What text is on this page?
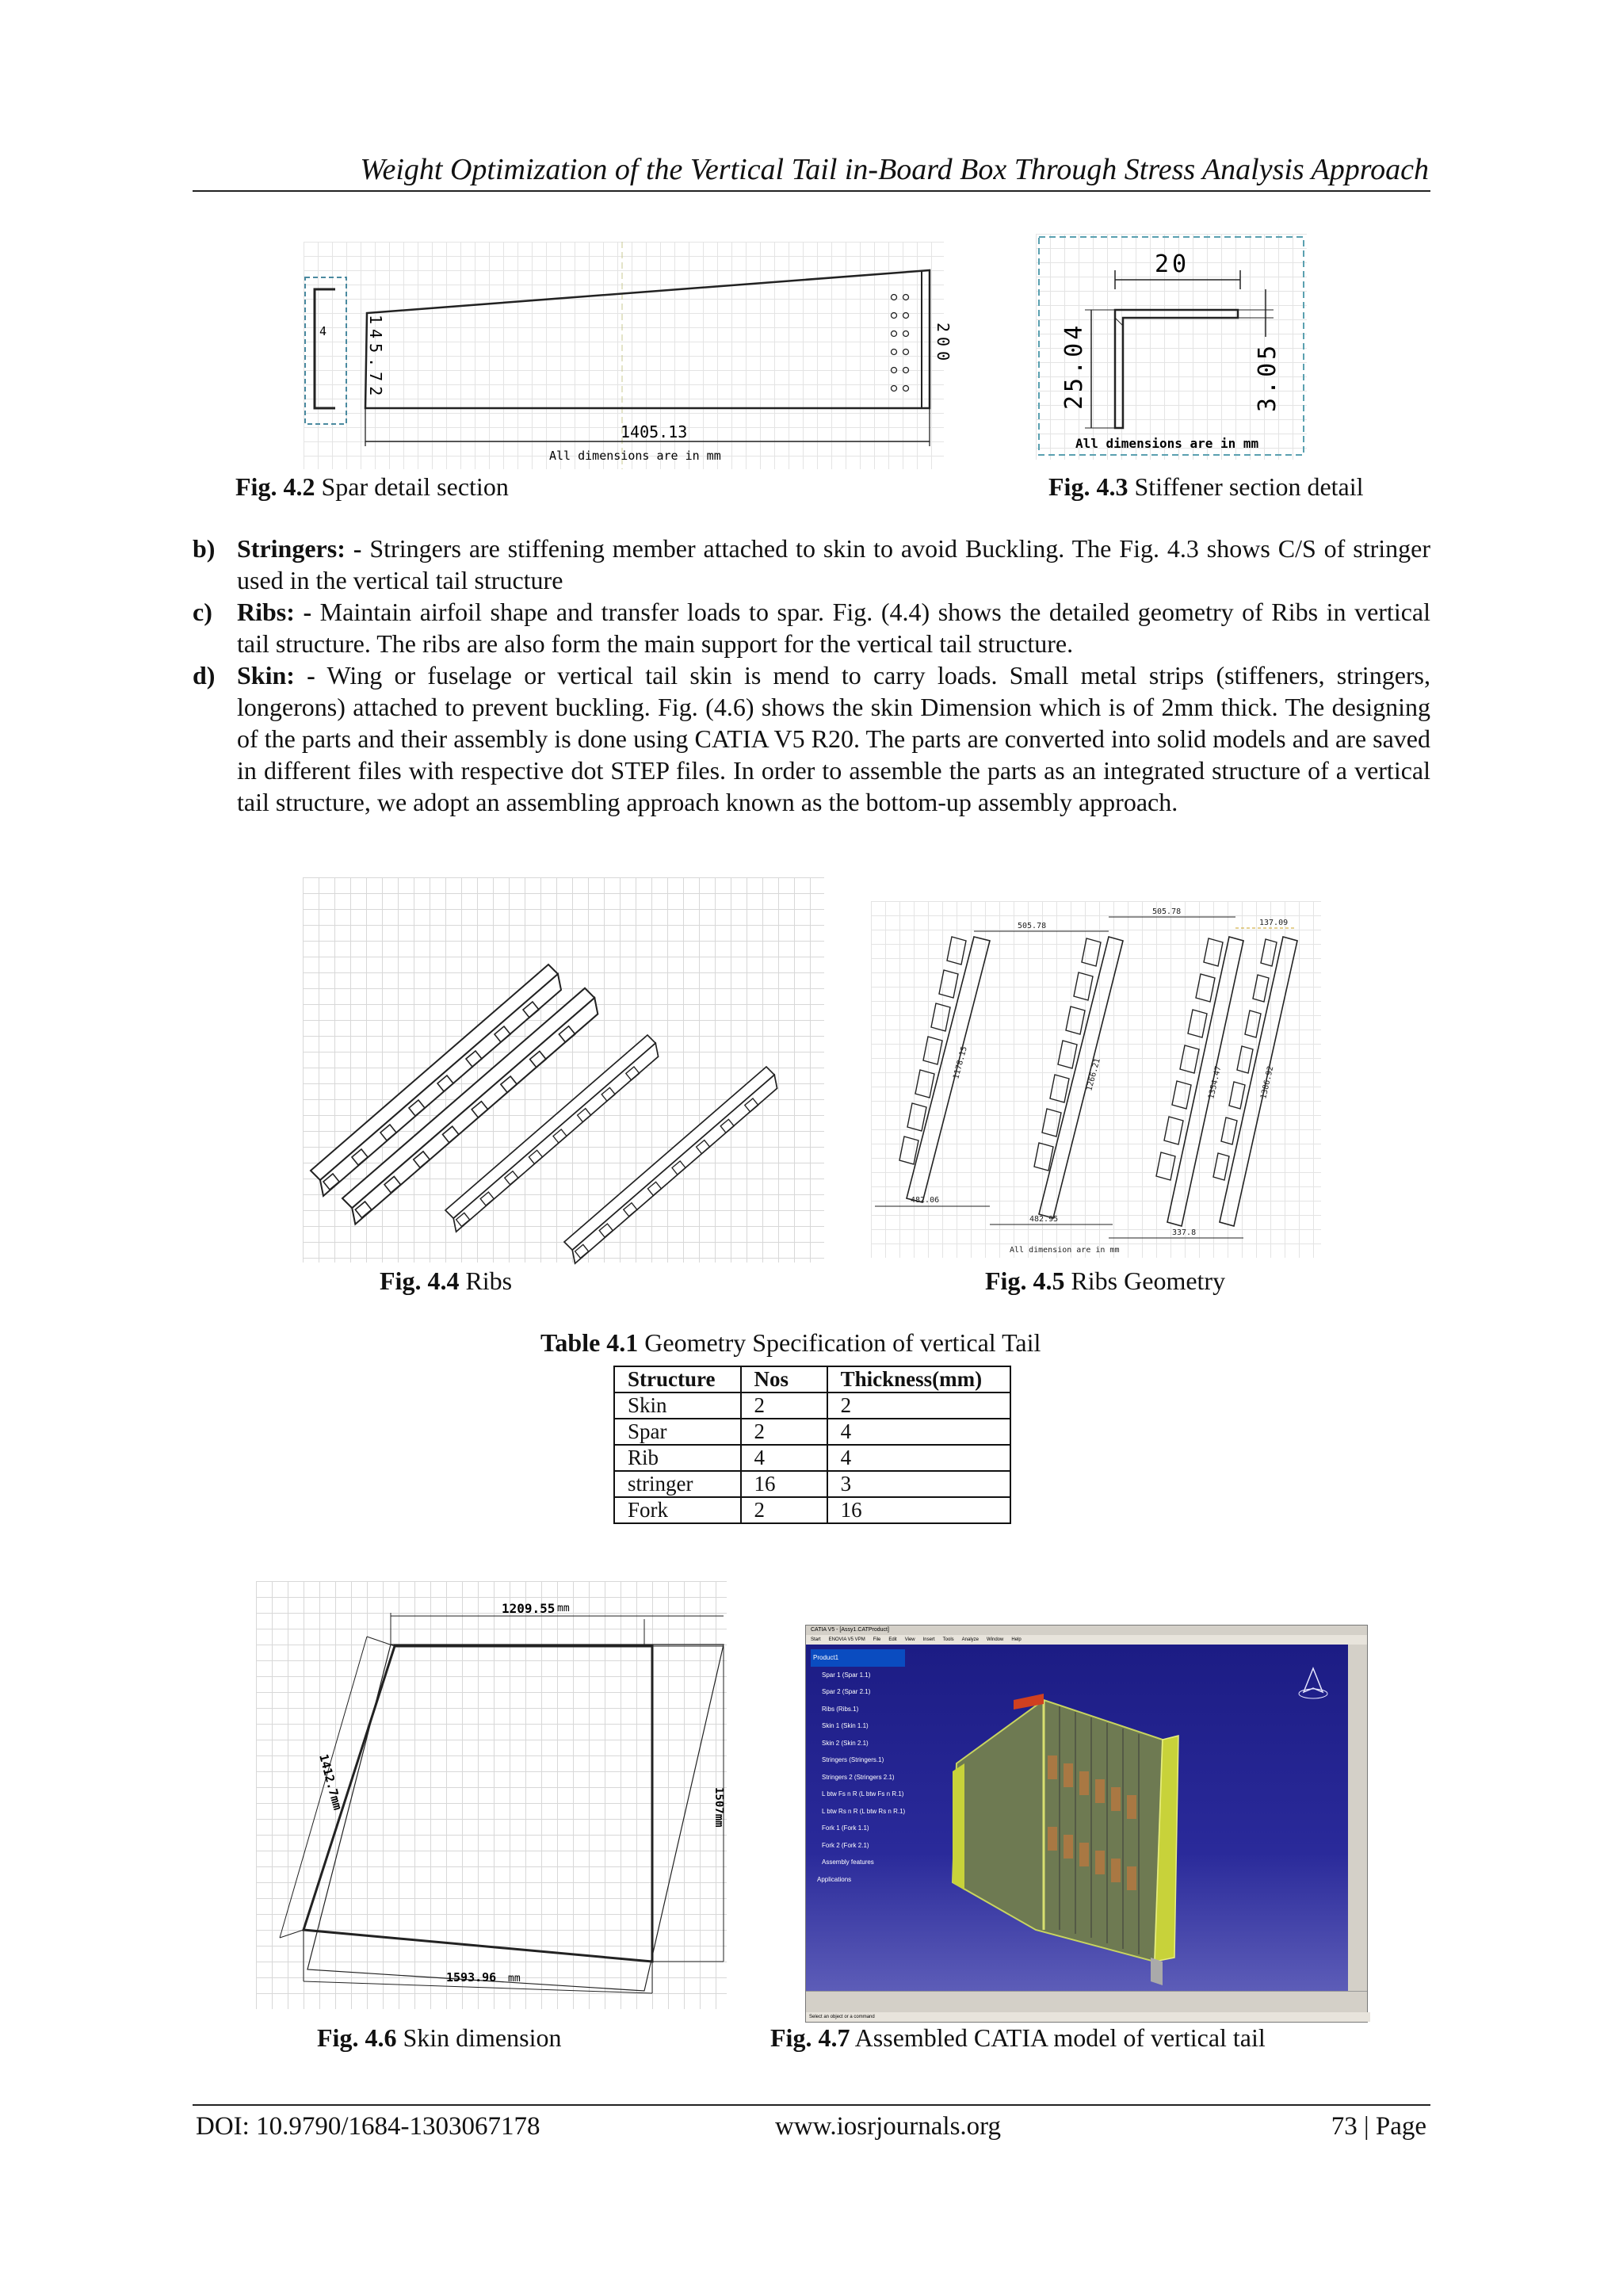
Weight Optimization of the Vertical Tail in-Board Box Through Stress Analysis Approach
4 145.72	200
1405.13
All dimensions are in mm
Fig. 4.2 Spar detail section
20
25.04	3.05
All dimensions are in mm
Fig. 4.3 Stiffener section detail

b) Stringers: - Stringers are stiffening member attached to skin to avoid Buckling. The Fig. 4.3 shows C/S of stringer used in the vertical tail structure

c) Ribs: - Maintain airfoil shape and transfer loads to spar. Fig. (4.4) shows the detailed geometry of Ribs in vertical tail structure. The ribs are also form the main support for the vertical tail structure.

d) Skin: - Wing or fuselage or vertical tail skin is mend to carry loads. Small metal strips (stiffeners, stringers, longerons) attached to prevent buckling. Fig. (4.6) shows the skin Dimension which is of 2mm thick. The designing of the parts and their assembly is done using CATIA V5 R20. The parts are converted into solid models and are saved in different files with respective dot STEP files. In order to assemble the parts as an integrated structure of a vertical tail structure, we adopt an assembling approach known as the bottom-up assembly approach.

Fig. 4.4 Ribs
505.78
505.78
137.09
1178.15	1266.21	1354.47	1386.92
482.06
482.95
337.8
All dimension are in mm
Fig. 4.5 Ribs Geometry
Table 4.1 Geometry Specification of vertical Tail
Structure	Nos	Thickness(mm)
Skin	2	2
Spar	2	4
Rib	4	4
stringer	16	3
Fork	2	16
1209.55 mm
1412.7mm	1507mm
1593.96 mm
Fig. 4.6 Skin dimension
CATIA V5 - [Assy1.CATProduct]
Start ENOVIA V5 VPM File Edit View Insert Tools Analyze Window Help
Product1
Spar 1 (Spar 1.1)
Spar 2 (Spar 2.1)
Ribs (Ribs.1)
Skin 1 (Skin 1.1)
Skin 2 (Skin 2.1)
Stringers (Stringers.1)
Stringers 2 (Stringers 2.1)
L btw Fs n R (L btw Fs n R.1)
L btw Rs n R (L btw Rs n R.1)
Fork 1 (Fork 1.1)
Fork 2 (Fork 2.1)
Assembly features
Applications
Select an object or a command
Fig. 4.7 Assembled CATIA model of vertical tail
DOI: 10.9790/1684-1303067178	www.iosrjournals.org	73 | Page
